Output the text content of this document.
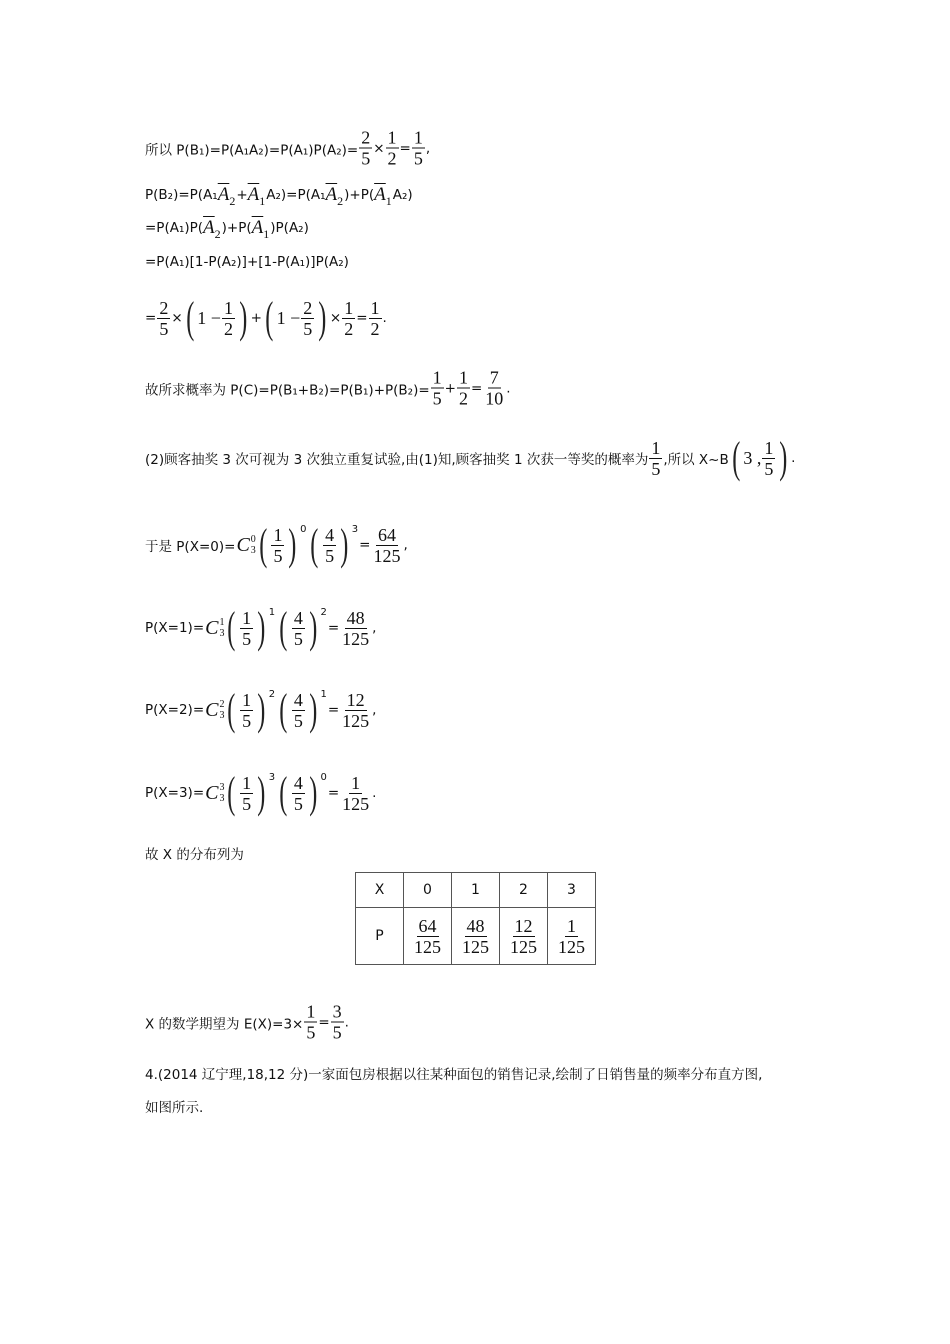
所以 $P(B_1)=P(A_1A_2)=P(A_1)P(A_2)= \frac{2}{5} \times \frac{1}{2} = \frac{1}{5}$ ,
P(B₂)=P(A₁ $\overline{A}$ $2 + \overline{A}$ 1 A₂)=P(A₁ $\overline{A}$ 2 )+P( $\overline{A}$ 1 A₂)
=P(A₁)P( $\overline{A}$ 2 )+P( $\overline{A}$ 1 )P(A₂)
=P(A₁)[1-P(A₂)]+[1-P(A₁)]P(A₂)
= $\frac{2}{5}$ × ( $1 - \frac{1}{2}$ ) + ( $1 - \frac{2}{5}$ ) × $\frac{1}{2} = \frac{1}{2}$ .
故所求概率为 $P(C)=P(B_1+B_2)=P(B_1)+P(B_2)= \frac{1}{5} + \frac{1}{2} = \frac{7}{10}$ .
(2)顾客抽奖 3 次可视为 3 次独立重复试验,由(1)知,顾客抽奖 1 次获一等奖的概率为 $\frac{1}{5}$ ,所以 X~B ( 3 , $\frac{1}{5}$ ) .
于是 P(X=0)= C 0
3 ( $\frac{1}{5}$ ) 0 ( $\frac{4}{5}$ ) 3
= $\frac{64}{125}$ ,
P(X=1)= C 1
3 ( $\frac{1}{5}$ ) 1 ( $\frac{4}{5}$ ) 2
= $\frac{48}{125}$ ,
P(X=2)= C 2
3 ( $\frac{1}{5}$ ) 2 ( $\frac{4}{5}$ ) 1
= $\frac{12}{125}$ ,
P(X=3)= C 3
3 ( $\frac{1}{5}$ ) 3 ( $\frac{4}{5}$ ) 0
= $\frac{1}{125}$ .
故 X 的分布列为
X 的数学期望为 $E(X)=3\times \frac{1}{5} = \frac{3}{5}$ .
4.(2014 辽宁理,18,12 分)一家面包房根据以往某种面包的销售记录,绘制了日销售量的频率分布直方图,
如图所示.
X	0	1	2	3
P	$\frac{64}{125}$	$\frac{48}{125}$	$\frac{12}{125}$	$\frac{1}{125}$
